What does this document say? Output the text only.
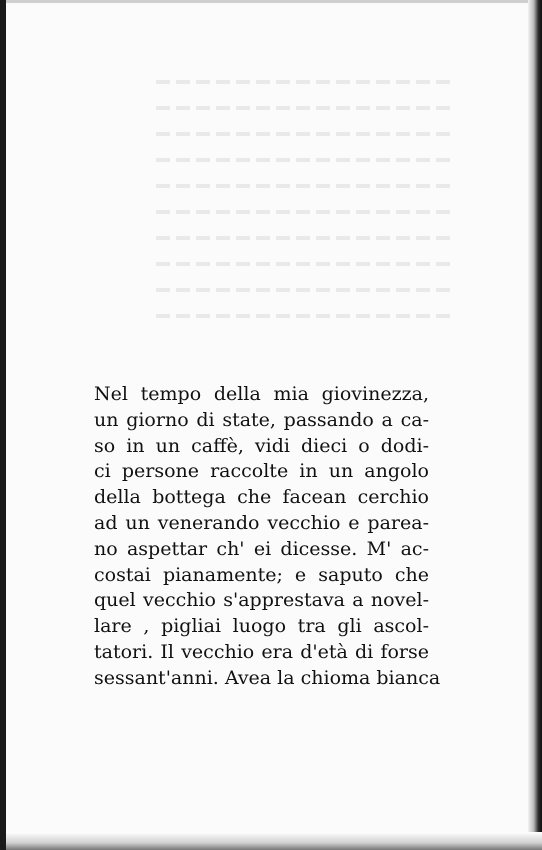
Nel tempo della mia giovinezza,
un giorno di state, passando a ca-
so in un caffè, vidi dieci o dodi-
ci persone raccolte in un angolo
della bottega che facean cerchio
ad un venerando vecchio e parea-
no aspettar ch' ei dicesse. M' ac-
costai pianamente; e saputo che
quel vecchio s'apprestava a novel-
lare , pigliai luogo tra gli ascol-
tatori. Il vecchio era d'età di forse
sessant'anni. Avea la chioma bianca
